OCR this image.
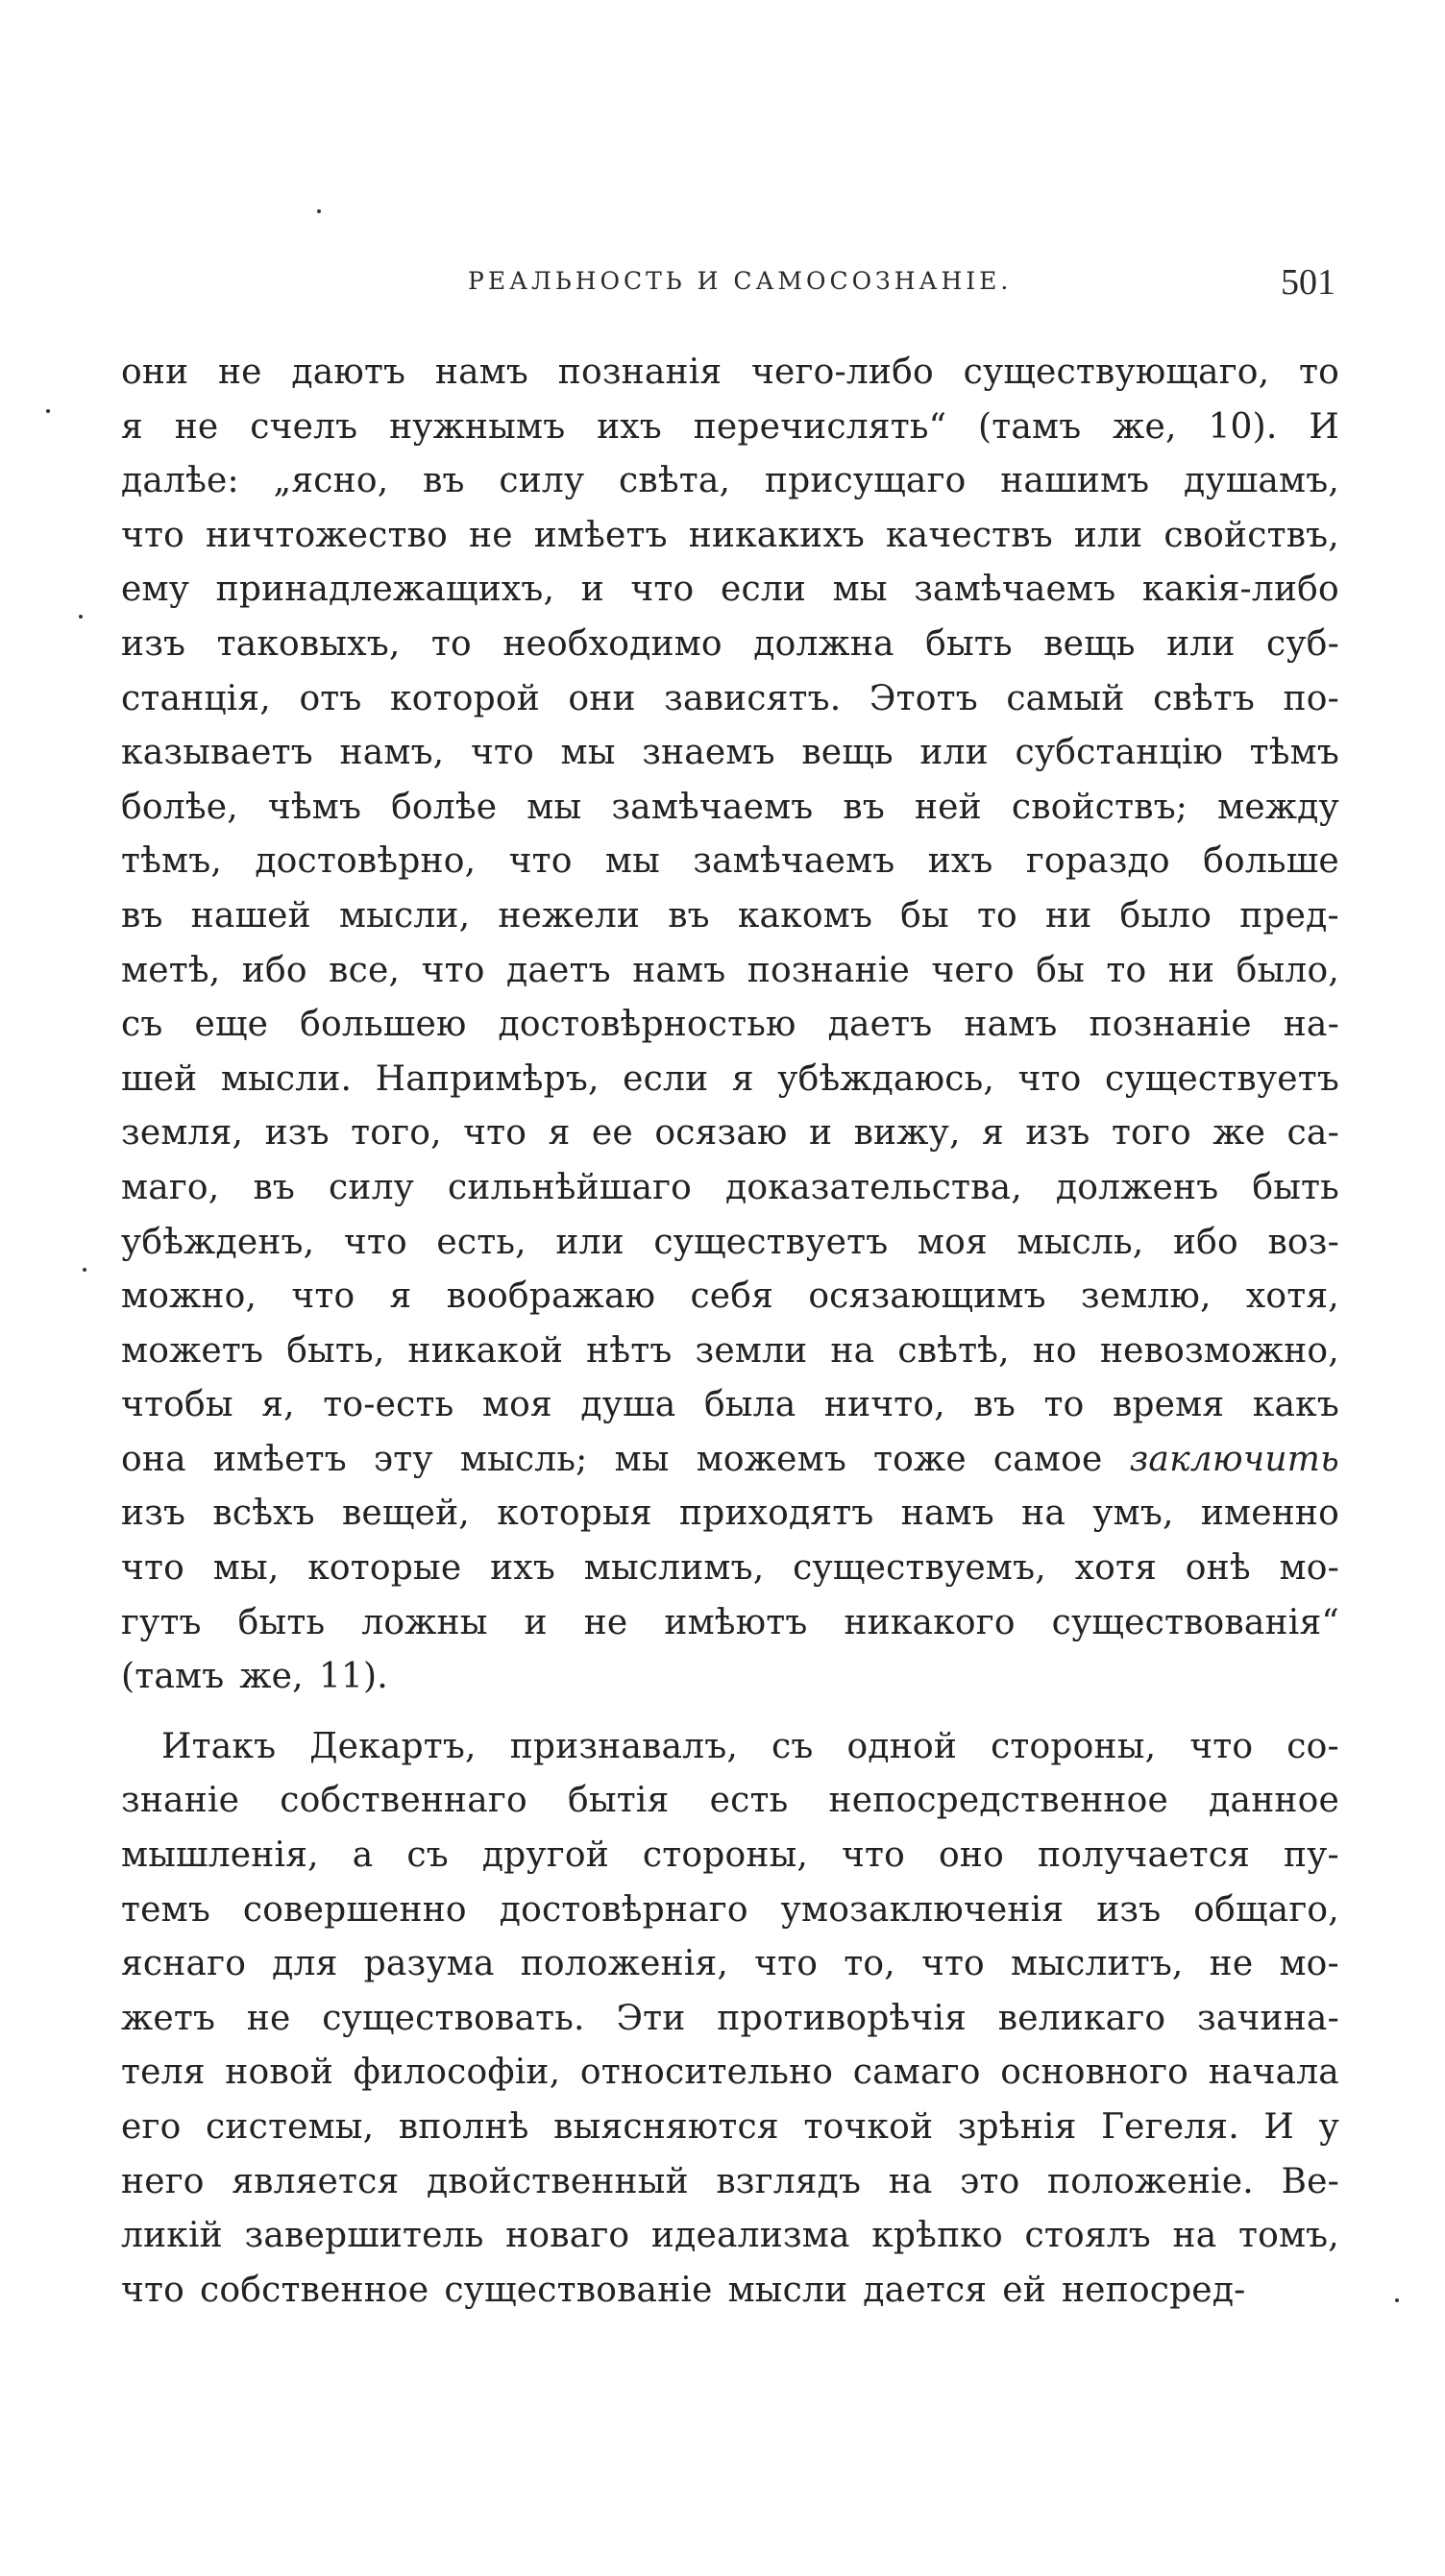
РЕАЛЬНОСТЬ И САМОСОЗНАНІЕ.	501
они не даютъ намъ познанія чего-либо существующаго, то
я не счелъ нужнымъ ихъ перечислять“ (тамъ же, 10). И
далѣе: „ясно, въ силу свѣта, присущаго нашимъ душамъ,
что ничтожество не имѣетъ никакихъ качествъ или свойствъ,
ему принадлежащихъ, и что если мы замѣчаемъ какія-либо
изъ таковыхъ, то необходимо должна быть вещь или суб-
станція, отъ которой они зависятъ. Этотъ самый свѣтъ по-
казываетъ намъ, что мы знаемъ вещь или субстанцію тѣмъ
болѣе, чѣмъ болѣе мы замѣчаемъ въ ней свойствъ; между
тѣмъ, достовѣрно, что мы замѣчаемъ ихъ гораздо больше
въ нашей мысли, нежели въ какомъ бы то ни было пред-
метѣ, ибо все, что даетъ намъ познаніе чего бы то ни было,
съ еще большею достовѣрностью даетъ намъ познаніе на-
шей мысли. Напримѣръ, если я убѣждаюсь, что существуетъ
земля, изъ того, что я ее осязаю и вижу, я изъ того же са-
маго, въ силу сильнѣйшаго доказательства, долженъ быть
убѣжденъ, что есть, или существуетъ моя мысль, ибо воз-
можно, что я воображаю себя осязающимъ землю, хотя,
можетъ быть, никакой нѣтъ земли на свѣтѣ, но невозможно,
чтобы я, то-есть моя душа была ничто, въ то время какъ
она имѣетъ эту мысль; мы можемъ тоже самое заключить
изъ всѣхъ вещей, которыя приходятъ намъ на умъ, именно
что мы, которые ихъ мыслимъ, существуемъ, хотя онѣ мо-
гутъ быть ложны и не имѣютъ никакого существованія“
(тамъ же, 11).
Итакъ Декартъ, признавалъ, съ одной стороны, что со-
знаніе собственнаго бытія есть непосредственное данное
мышленія, а съ другой стороны, что оно получается пу-
темъ совершенно достовѣрнаго умозаключенія изъ общаго,
яснаго для разума положенія, что то, что мыслитъ, не мо-
жетъ не существовать. Эти противорѣчія великаго зачина-
теля новой философіи, относительно самаго основного начала
его системы, вполнѣ выясняются точкой зрѣнія Гегеля. И у
него является двойственный взглядъ на это положеніе. Ве-
ликій завершитель новаго идеализма крѣпко стоялъ на томъ,
что собственное существованіе мысли дается ей непосред-
